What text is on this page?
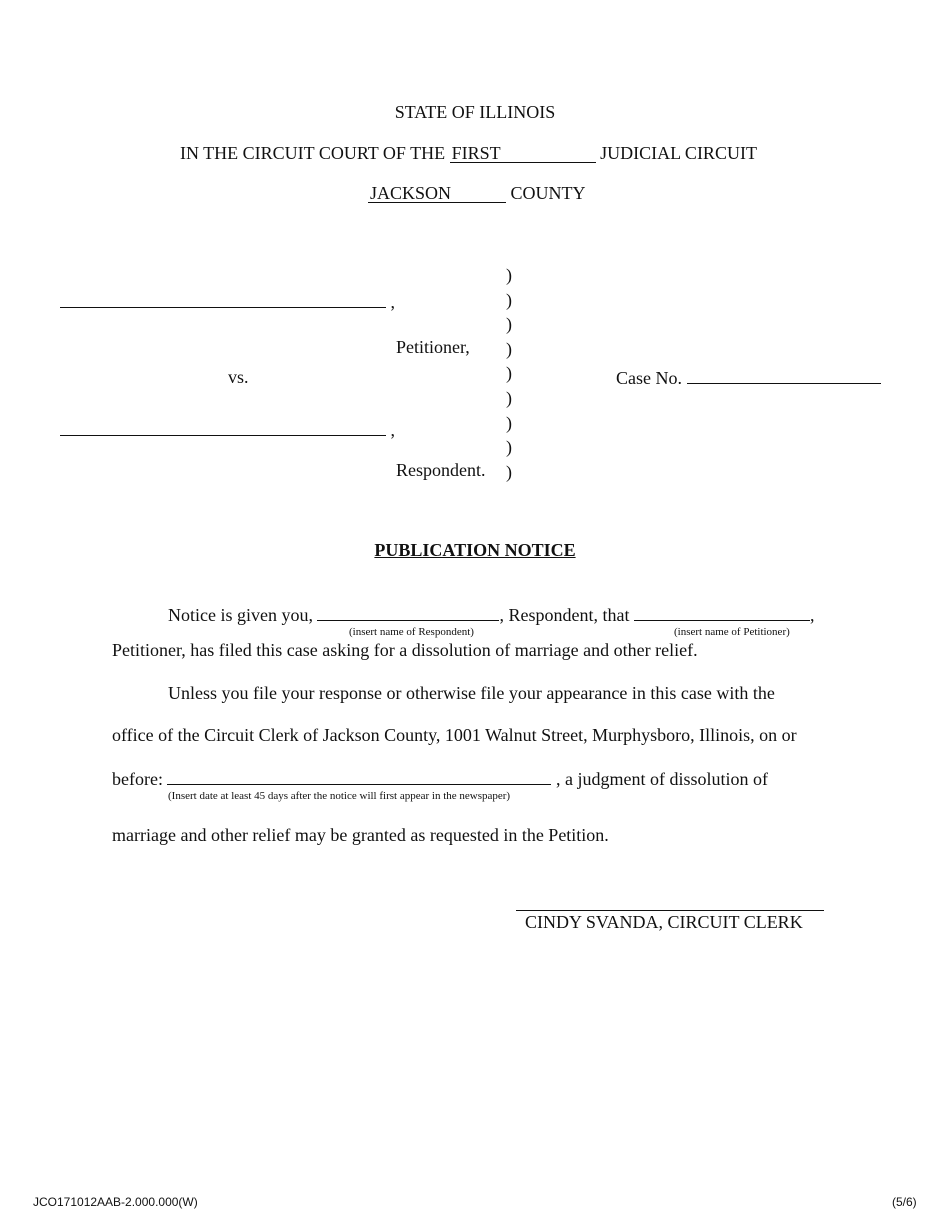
STATE OF ILLINOIS
IN THE CIRCUIT COURT OF THE FIRST	JUDICIAL CIRCUIT
JACKSON	COUNTY
,
Petitioner,
vs.
,
Respondent.
)
)
)
)
)
)
)
)
)
Case No.
PUBLICATION NOTICE
Notice is given you,	, Respondent, that	,
(insert name of Respondent)	(insert name of Petitioner)
Petitioner, has filed this case asking for a dissolution of marriage and other relief.
Unless you file your response or otherwise file your appearance in this case with the
office of the Circuit Clerk of Jackson County, 1001 Walnut Street, Murphysboro, Illinois, on or
before:	, a judgment of dissolution of
(Insert date at least 45 days after the notice will first appear in the newspaper)
marriage and other relief may be granted as requested in the Petition.
CINDY SVANDA, CIRCUIT CLERK
JCO171012AAB-2.000.000(W)	(5/6)
